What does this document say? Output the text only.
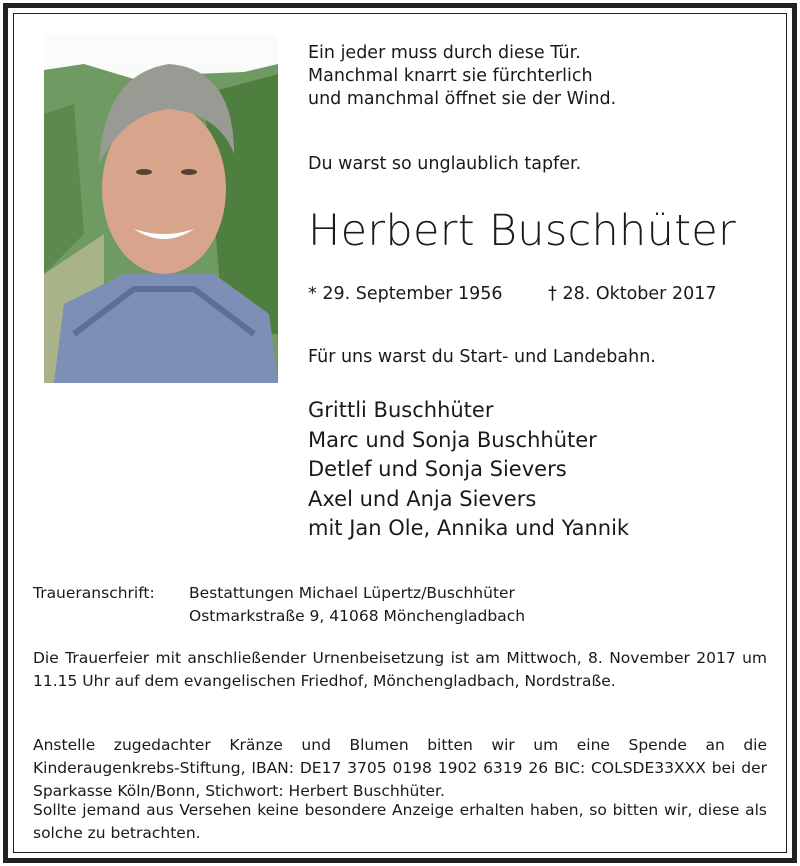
Ein jeder muss durch diese Tür.
Manchmal knarrt sie fürchterlich
und manchmal öffnet sie der Wind.
Du warst so unglaublich tapfer.
Herbert Buschhüter
* 29. September 1956	† 28. Oktober 2017
Für uns warst du Start- und Landebahn.
Grittli Buschhüter
Marc und Sonja Buschhüter
Detlef und Sonja Sievers
Axel und Anja Sievers
mit Jan Ole, Annika und Yannik
Traueranschrift:	Bestattungen Michael Lüpertz/Buschhüter
Ostmarkstraße 9, 41068 Mönchengladbach
Die Trauerfeier mit anschließender Urnenbeisetzung ist am Mittwoch, 8. November 2017 um 11.15 Uhr auf dem evangelischen Friedhof, Mönchengladbach, Nordstraße.
Anstelle zugedachter Kränze und Blumen bitten wir um eine Spende an die Kinderaugenkrebs-Stiftung, IBAN: DE17 3705 0198 1902 6319 26 BIC: COLSDE33XXX bei der Sparkasse Köln/Bonn, Stichwort: Herbert Buschhüter.
Sollte jemand aus Versehen keine besondere Anzeige erhalten haben, so bitten wir, diese als solche zu betrachten.
